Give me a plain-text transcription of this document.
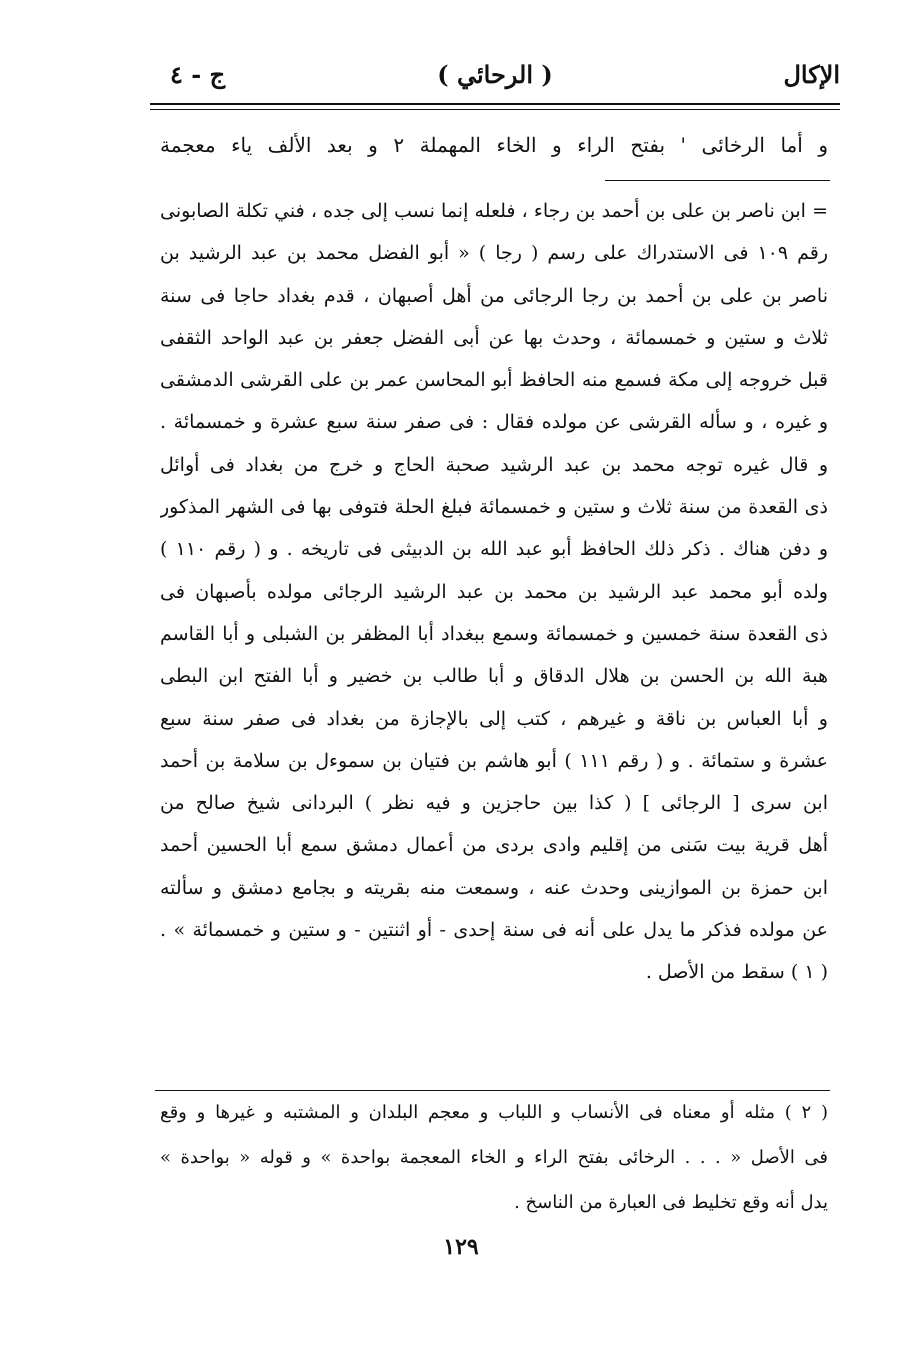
الإكال
( الرحائي )
ج - ٤
و أما الرخائى ' بفتح الراء و الخاء المهملة ٢ و بعد الألف ياء معجمة
= ابن ناصر بن على بن أحمد بن رجاء ، فلعله إنما نسب إلى جده ، فني تكلة الصابونى
رقم ١٠٩ فى الاستدراك على رسم ( رجا ) « أبو الفضل محمد بن عبد الرشيد بن
ناصر بن على بن أحمد بن رجا الرجائى من أهل أصبهان ، قدم بغداد حاجا فى سنة
ثلاث و ستين و خمسمائة ، وحدث بها عن أبى الفضل جعفر بن عبد الواحد الثقفى
قبل خروجه إلى مكة فسمع منه الحافظ أبو المحاسن عمر بن على القرشى الدمشقى
و غيره ، و سأله القرشى عن مولده فقال : فى صفر سنة سبع عشرة و خمسمائة .
و قال غيره توجه محمد بن عبد الرشيد صحبة الحاج و خرج من بغداد فى أوائل
ذى القعدة من سنة ثلاث و ستين و خمسمائة فبلغ الحلة فتوفى بها فى الشهر المذكور
و دفن هناك . ذكر ذلك الحافظ أبو عبد الله بن الدبيثى فى تاريخه . و ( رقم ١١٠ )
ولده أبو محمد عبد الرشيد بن محمد بن عبد الرشيد الرجائى مولده بأصبهان فى
ذى القعدة سنة خمسين و خمسمائة وسمع ببغداد أبا المظفر بن الشبلى و أبا القاسم
هبة الله بن الحسن بن هلال الدقاق و أبا طالب بن خضير و أبا الفتح ابن البطى
و أبا العباس بن ناقة و غيرهم ، كتب إلى بالإجازة من بغداد فى صفر سنة سبع
عشرة و ستمائة . و ( رقم ١١١ ) أبو هاشم بن فتيان بن سموءل بن سلامة بن أحمد
ابن سرى [ الرجائى ] ( كذا بين حاجزين و فيه نظر ) البردانى شيخ صالح من
أهل قرية بيت سَنى من إقليم وادى بردى من أعمال دمشق سمع أبا الحسين أحمد
ابن حمزة بن الموازينى وحدث عنه ، وسمعت منه بقريته و بجامع دمشق و سألته
عن مولده فذكر ما يدل على أنه فى سنة إحدى - أو اثنتين - و ستين و خمسمائة » .
( ١ ) سقط من الأصل .
( ٢ ) مثله أو معناه فى الأنساب و اللباب و معجم البلدان و المشتبه و غيرها و وقع
فى الأصل « . . . الرخائى بفتح الراء و الخاء المعجمة بواحدة » و قوله « بواحدة »
يدل أنه وقع تخليط فى العبارة من الناسخ .
١٢٩
